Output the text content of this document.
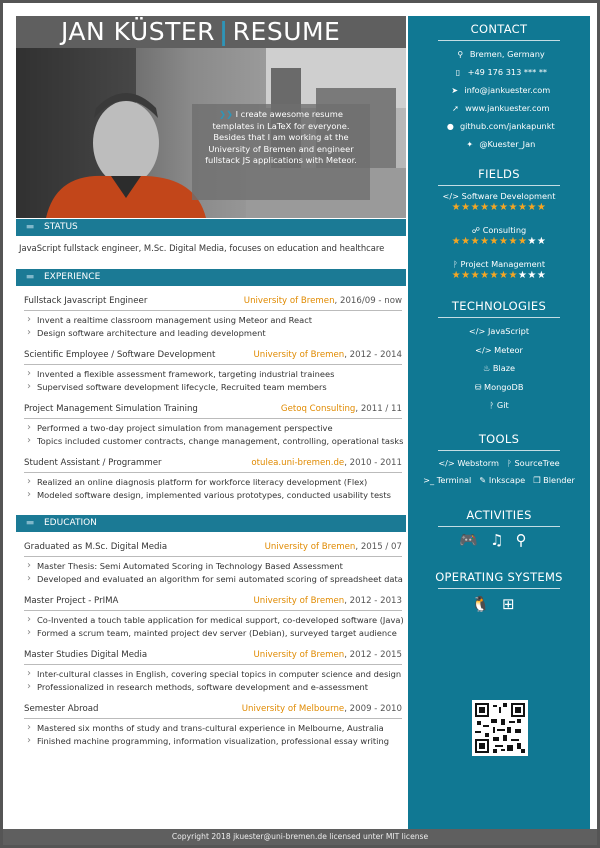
JAN KÜSTER | RESUME
❯❯ I create awesome resume templates in LaTeX for everyone. Besides that I am working at the University of Bremen and engineer fullstack JS applications with Meteor.
▬ STATUS
JavaScript fullstack engineer, M.Sc. Digital Media, focuses on education and healthcare
▬ EXPERIENCE
Fullstack Javascript Engineer	University of Bremen, 2016/09 - now
› Invent a realtime classroom management using Meteor and React
› Design software architecture and leading development
Scientific Employee / Software Development	University of Bremen, 2012 - 2014
› Invented a flexible assessment framework, targeting industrial trainees
› Supervised software development lifecycle, Recruited team members
Project Management Simulation Training	Getoq Consulting, 2011 / 11
› Performed a two-day project simulation from management perspective
› Topics included customer contracts, change management, controlling, operational tasks
Student Assistant / Programmer	otulea.uni-bremen.de, 2010 - 2011
› Realized an online diagnosis platform for workforce literacy development (Flex)
› Modeled software design, implemented various prototypes, conducted usability tests
▬ EDUCATION
Graduated as M.Sc. Digital Media	University of Bremen, 2015 / 07
› Master Thesis: Semi Automated Scoring in Technology Based Assessment
› Developed and evaluated an algorithm for semi automated scoring of spreadsheet data
Master Project - PrIMA	University of Bremen, 2012 - 2013
› Co-Invented a touch table application for medical support, co-developed software (Java)
› Formed a scrum team, mainted project dev server (Debian), surveyed target audience
Master Studies Digital Media	University of Bremen, 2012 - 2015
› Inter-cultural classes in English, covering special topics in computer science and design
› Professionalized in research methods, software development and e-assessment
Semester Abroad	University of Melbourne, 2009 - 2010
› Mastered six months of study and trans-cultural experience in Melbourne, Australia
› Finished machine programming, information visualization, professional essay writing
CONTACT
⚲ Bremen, Germany
▯ +49 176 313 *** **
➤ info@jankuester.com
➚ www.jankuester.com
● github.com/jankapunkt
✦ @Kuester_Jan
FIELDS
</> Software Development
★★★★★★★★★★
☍ Consulting
★★★★★★★★★★
ᚹ Project Management
★★★★★★★★★★
TECHNOLOGIES
</> JavaScript
</> Meteor
♨ Blaze
⛁ MongoDB
ᚹ Git
TOOLS
</> Webstorm ᚹ SourceTree
>_ Terminal ✎ Inkscape ❒ Blender
ACTIVITIES
🎮♫⚲
OPERATING SYSTEMS
🐧⊞
Copyright 2018 jkuester@uni-bremen.de licensed unter MIT license
